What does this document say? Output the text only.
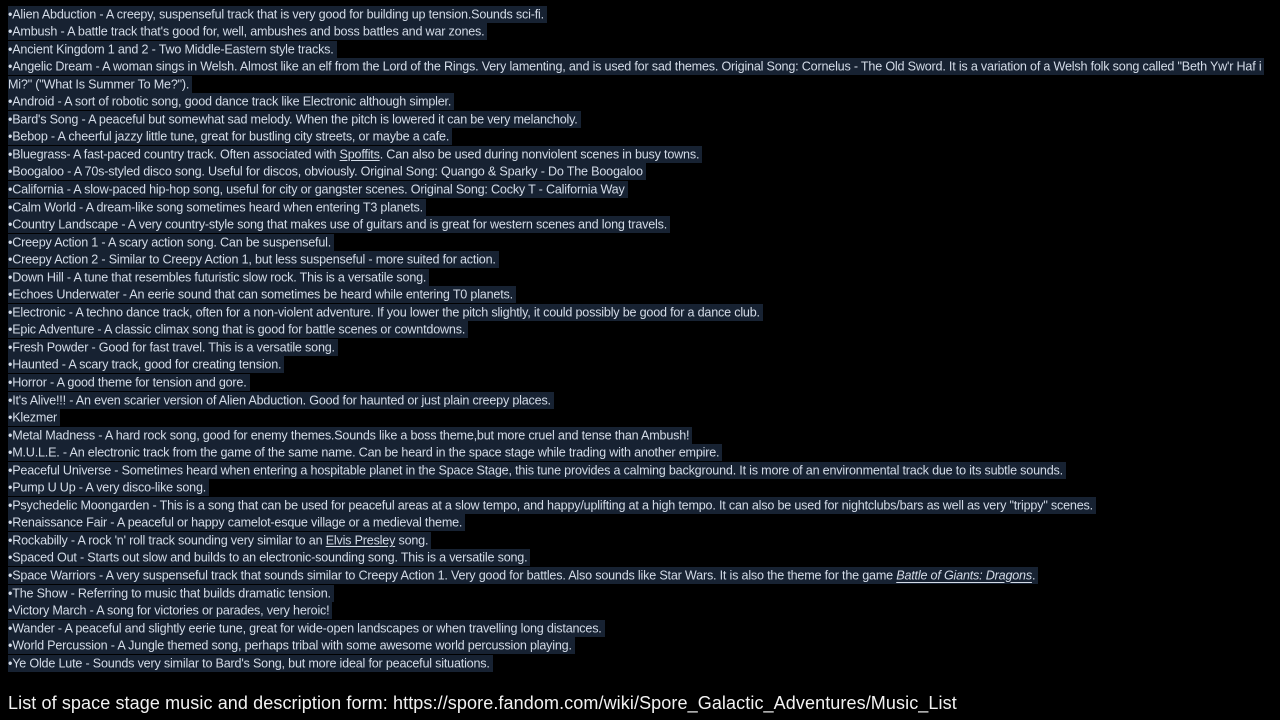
•Alien Abduction - A creepy, suspenseful track that is very good for building up tension.Sounds sci-fi.
•Ambush - A battle track that's good for, well, ambushes and boss battles and war zones.
•Ancient Kingdom 1 and 2 - Two Middle-Eastern style tracks.
•Angelic Dream - A woman sings in Welsh. Almost like an elf from the Lord of the Rings. Very lamenting, and is used for sad themes. Original Song: Cornelus - The Old Sword. It is a variation of a Welsh folk song called "Beth Yw'r Haf i Mi?" ("What Is Summer To Me?").
•Android - A sort of robotic song, good dance track like Electronic although simpler.
•Bard's Song - A peaceful but somewhat sad melody. When the pitch is lowered it can be very melancholy.
•Bebop - A cheerful jazzy little tune, great for bustling city streets, or maybe a cafe.
•Bluegrass- A fast-paced country track. Often associated with Spoffits. Can also be used during nonviolent scenes in busy towns.
•Boogaloo - A 70s-styled disco song. Useful for discos, obviously. Original Song: Quango & Sparky - Do The Boogaloo
•California - A slow-paced hip-hop song, useful for city or gangster scenes. Original Song: Cocky T - California Way
•Calm World - A dream-like song sometimes heard when entering T3 planets.
•Country Landscape - A very country-style song that makes use of guitars and is great for western scenes and long travels.
•Creepy Action 1 - A scary action song. Can be suspenseful.
•Creepy Action 2 - Similar to Creepy Action 1, but less suspenseful - more suited for action.
•Down Hill - A tune that resembles futuristic slow rock. This is a versatile song.
•Echoes Underwater - An eerie sound that can sometimes be heard while entering T0 planets.
•Electronic - A techno dance track, often for a non-violent adventure. If you lower the pitch slightly, it could possibly be good for a dance club.
•Epic Adventure - A classic climax song that is good for battle scenes or cowntdowns.
•Fresh Powder - Good for fast travel. This is a versatile song.
•Haunted - A scary track, good for creating tension.
•Horror - A good theme for tension and gore.
•It's Alive!!! - An even scarier version of Alien Abduction. Good for haunted or just plain creepy places.
•Klezmer
•Metal Madness - A hard rock song, good for enemy themes.Sounds like a boss theme,but more cruel and tense than Ambush!
•M.U.L.E. - An electronic track from the game of the same name. Can be heard in the space stage while trading with another empire.
•Peaceful Universe - Sometimes heard when entering a hospitable planet in the Space Stage, this tune provides a calming background. It is more of an environmental track due to its subtle sounds.
•Pump U Up - A very disco-like song.
•Psychedelic Moongarden - This is a song that can be used for peaceful areas at a slow tempo, and happy/uplifting at a high tempo. It can also be used for nightclubs/bars as well as very "trippy" scenes.
•Renaissance Fair - A peaceful or happy camelot-esque village or a medieval theme.
•Rockabilly - A rock 'n' roll track sounding very similar to an Elvis Presley song.
•Spaced Out - Starts out slow and builds to an electronic-sounding song. This is a versatile song.
•Space Warriors - A very suspenseful track that sounds similar to Creepy Action 1. Very good for battles. Also sounds like Star Wars. It is also the theme for the game Battle of Giants: Dragons.
•The Show - Referring to music that builds dramatic tension.
•Victory March - A song for victories or parades, very heroic!
•Wander - A peaceful and slightly eerie tune, great for wide-open landscapes or when travelling long distances.
•World Percussion - A Jungle themed song, perhaps tribal with some awesome world percussion playing.
•Ye Olde Lute - Sounds very similar to Bard's Song, but more ideal for peaceful situations.
List of space stage music and description form: https://spore.fandom.com/wiki/Spore_Galactic_Adventures/Music_List
